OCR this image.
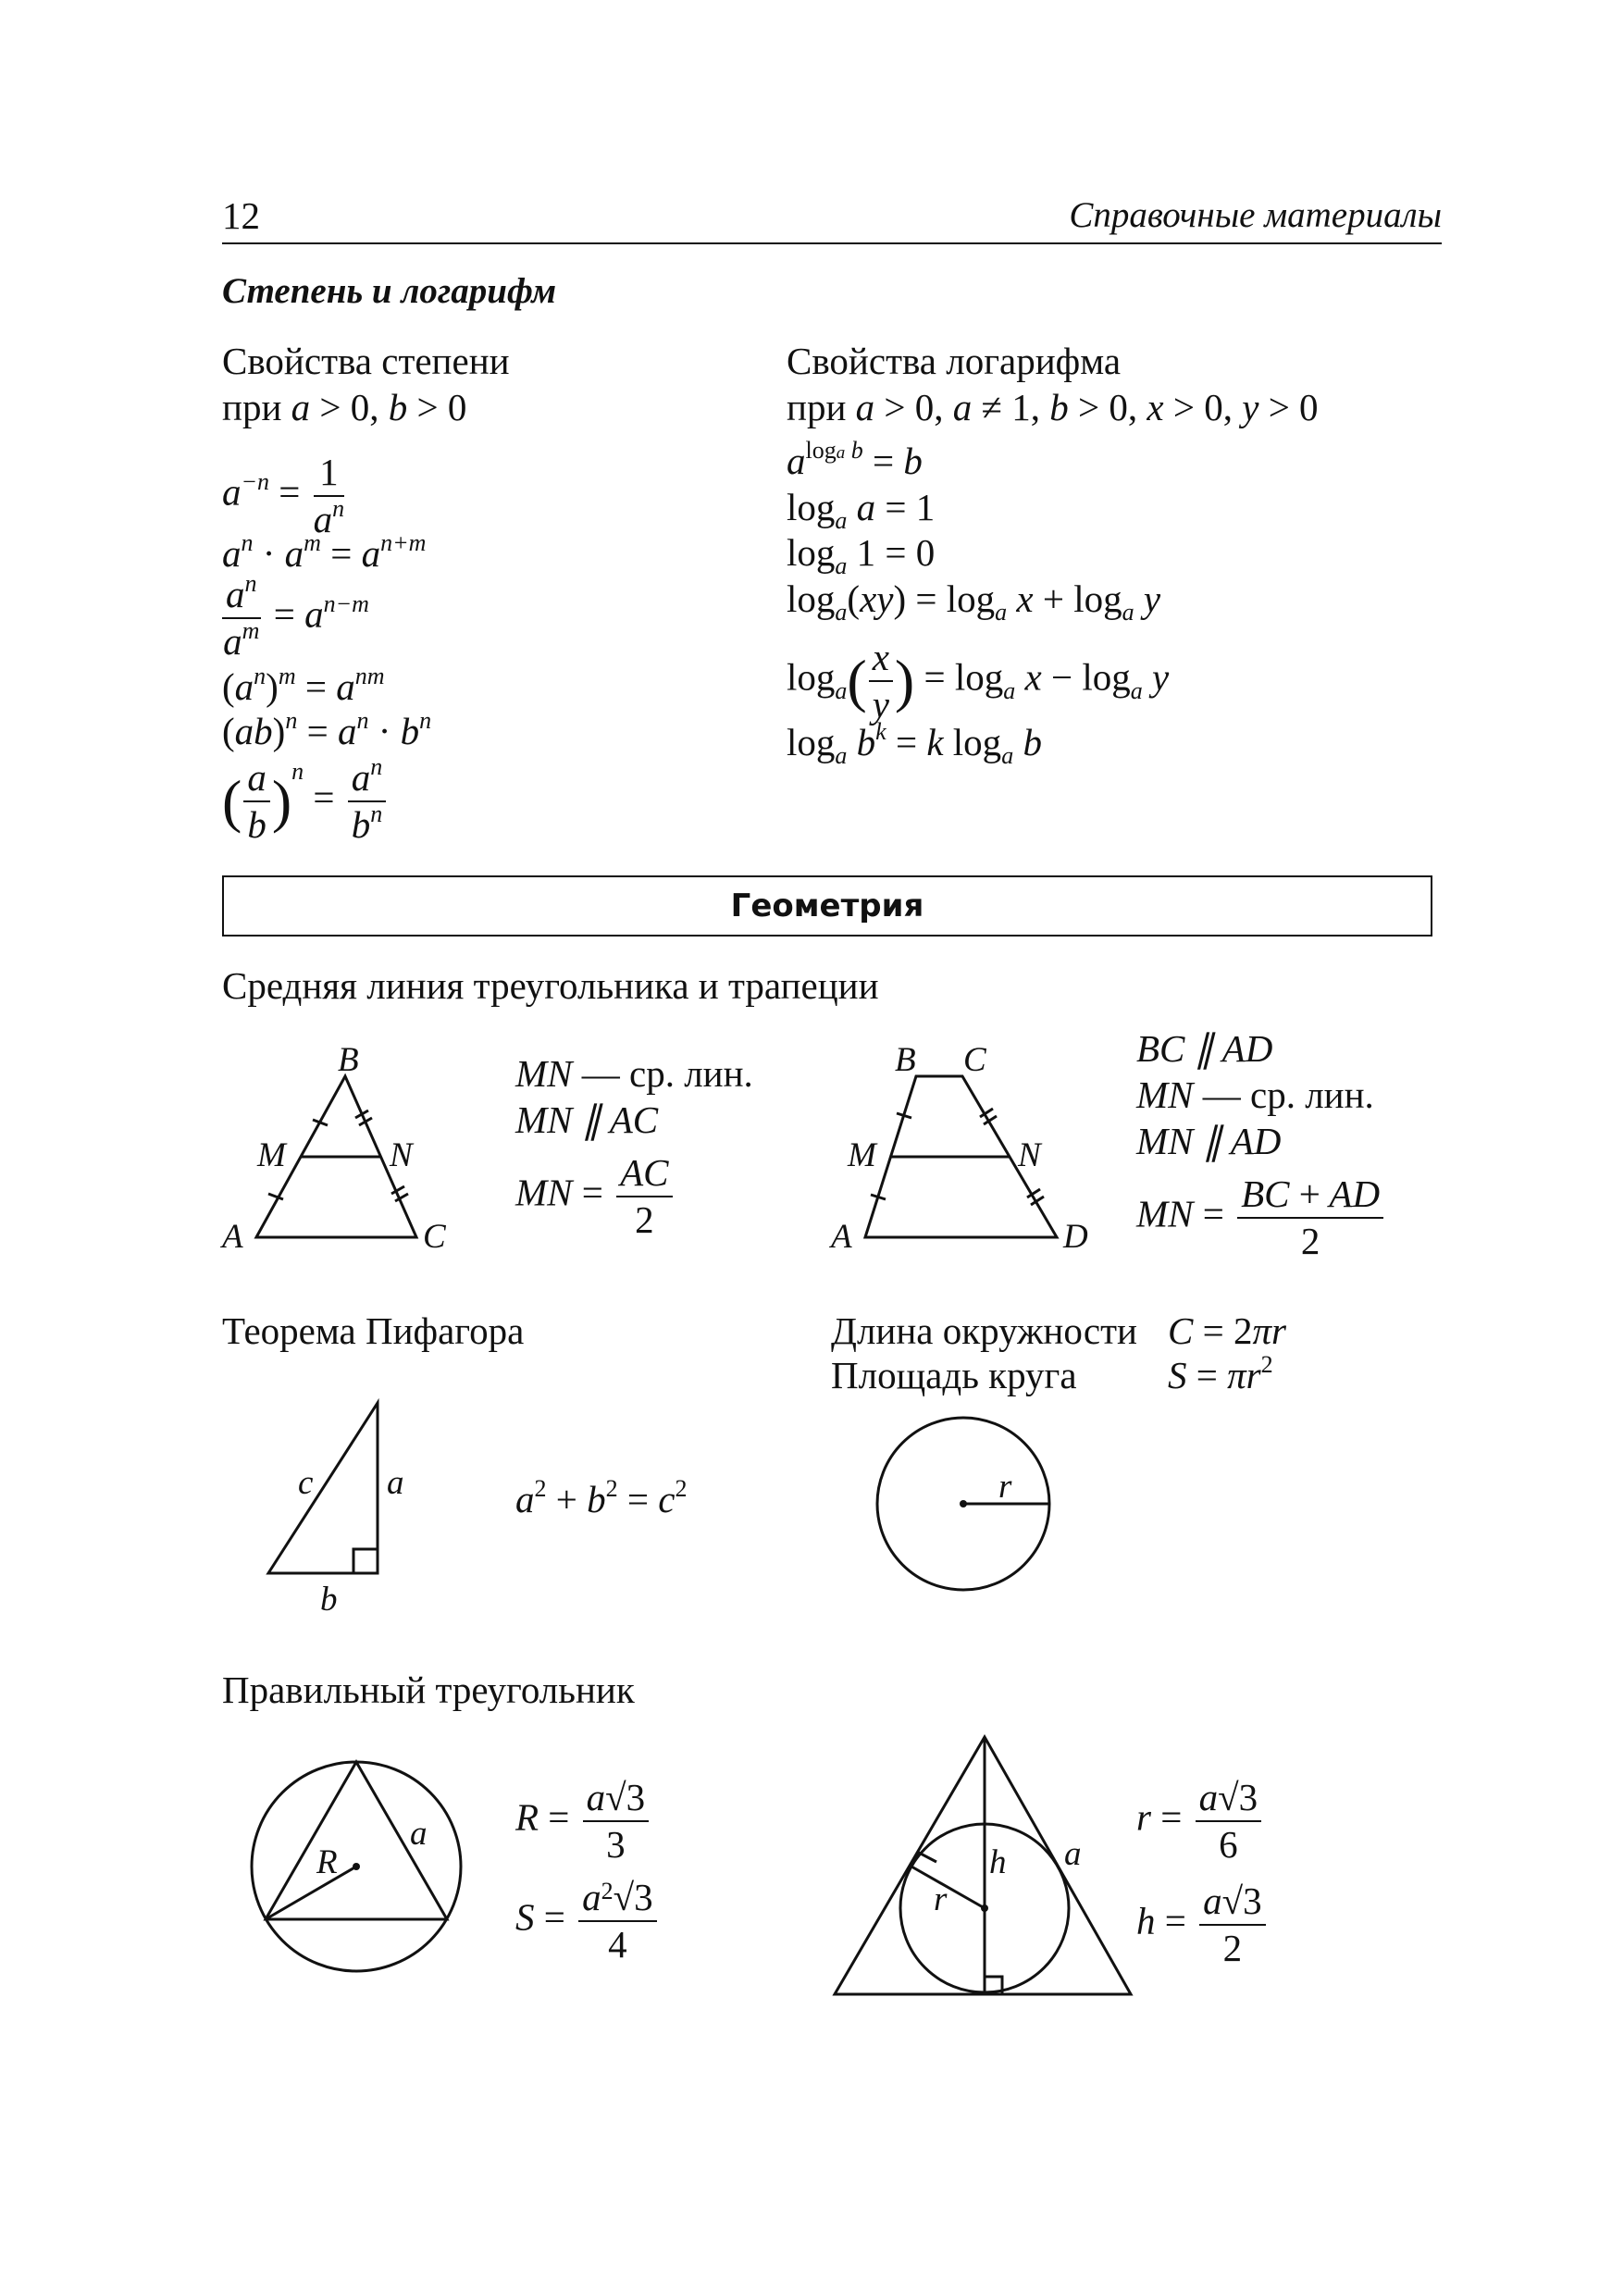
12	Справочные материалы
Степень и логарифм
Свойства степени
при a > 0, b > 0
$a^{-n} = \frac{1}{a^n}$
$a^n \cdot a^m = a^{n+m}$
$\frac{a^n}{a^m} = a^{n-m}$
$(a^n)^m = a^{nm}$
$(ab)^n = a^n \cdot b^n$
( $\frac{a}{b} )^n = \frac{a^n}{b^n}$
Свойства логарифма
при a > 0, a ≠ 1, b > 0, x > 0, y > 0
$a^{loga b} = b$
$\log_a a = 1$
$\log_a 1 = 0$
$\log_a(xy) = \log_a x + \log_a y$
$\log_a( \frac{x}{y}$ ) = $\log_a x - \log_a y$
$\log_a b^k = k$ $\log_a b$
Геометрия
Средняя линия треугольника и трапеции
B
M	N
A	C
B C
M	N
A	D
c a
b
r
R
a
h a
r
MN — ср. лин.
MN ∥ AC
MN = $\frac{AC}{2}$
BC ∥ AD
MN — ср. лин.
MN ∥ AD
MN = $\frac{BC + AD}{2}$
Теорема Пифагора
$a^2 + b^2 = c^2$
Длина окружности C = 2πr
Площадь круга $S = \pi r^2$
Правильный треугольник
$R = \frac{a√3}{3}$
$S = \frac{a^2√3}{4}$
$r = \frac{a√3}{6}$
$h = \frac{a√3}{2}$
